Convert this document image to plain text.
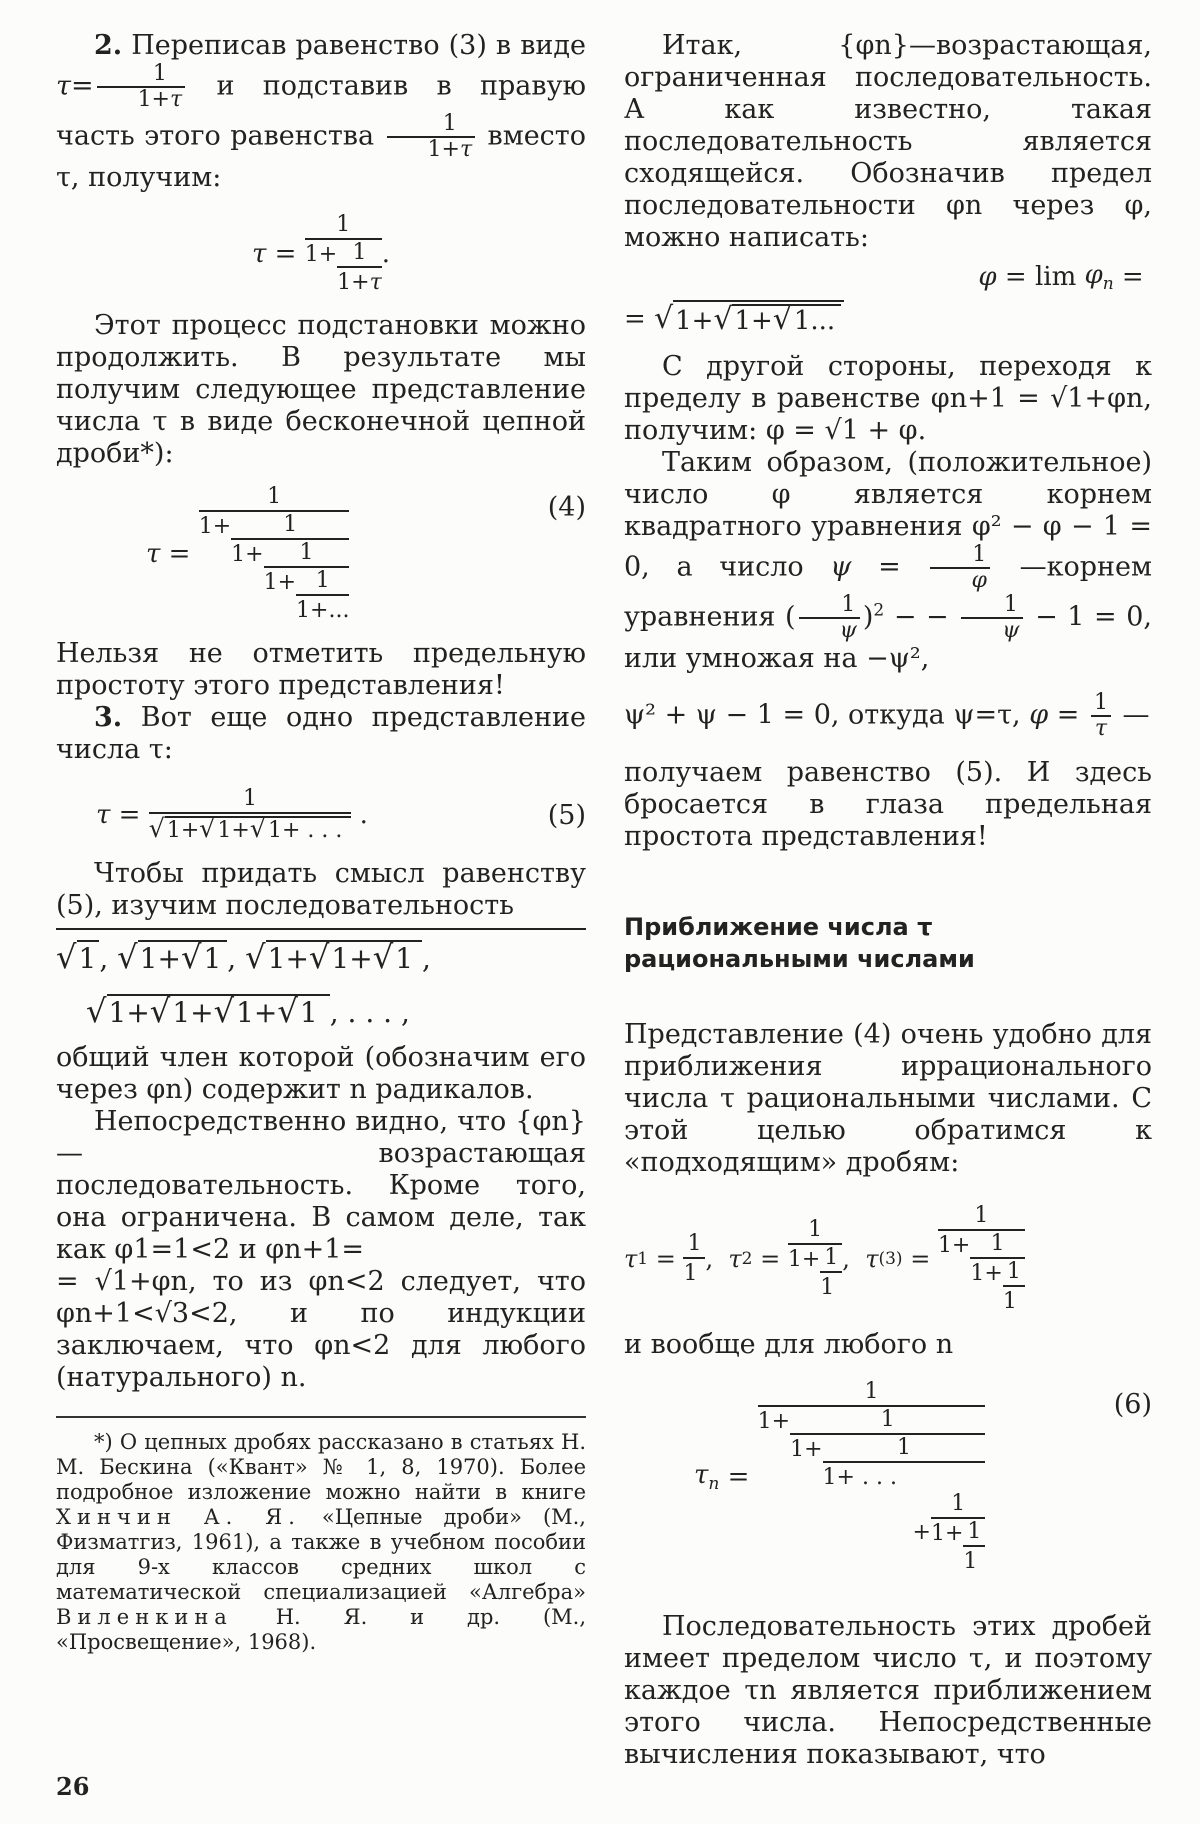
2. Переписав равенство (3) в виде $\tau= \frac{1}{1+\tau}$ и подставив в правую часть этого равенства $\frac{1}{1+\tau}$ вместо τ, получим:

$\tau = \frac{1}{1+ \frac{1}{1+\tau}}$ .

Этот процесс подстановки можно продолжить. В результате мы получим следующее представление числа τ в виде бесконечной цепной дроби*):

τ =
1
$1+ \frac{1}{1+ \frac{1}{1+ \frac{1}{1+...}}}$
(4)

Нельзя не отметить предельную простоту этого представления!

3. Вот еще одно представление числа τ:

$\tau = \frac{1}{√1+√1+√1+ . . .}$ .	(5)

Чтобы придать смысл равенству (5), изучим последовательность

√1 , √1+√1 , √1+√1+√1 ,
√1+√1+√1+√1 , . . . ,

общий член которой (обозначим его через φn) содержит n радикалов.

Непосредственно видно, что {φn}— возрастающая последовательность. Кроме того, она ограничена. В самом деле, так как φ1=1<2 и φn+1=

= √1+φn, то из φn<2 следует, что φn+1<√3<2, и по индукции заключаем, что φn<2 для любого (натурального) n.

*) О цепных дробях рассказано в статьях Н. М. Бескина («Квант» № 1, 8, 1970). Более подробное изложение можно найти в книге Хинчин А. Я. «Цепные дроби» (М., Физматгиз, 1961), а также в учебном пособии для 9-х классов средних школ с математической специализацией «Алгебра» Виленкина Н. Я. и др. (М., «Просвещение», 1968).

Итак, {φn}—возрастающая, ограниченная последовательность. А как известно, такая последовательность является сходящейся. Обозначив предел последовательности φn через φ, можно написать:

$\varphi = \lim \varphi_n$ =
= √ 1+√1+√1...

С другой стороны, переходя к пределу в равенстве φn+1 = √1+φn, получим: φ = √1 + φ.

Таким образом, (положительное) число φ является корнем квадратного уравнения φ² − φ − 1 = 0, а число $\psi = \frac{1}{\varphi}$ —корнем уравнения ( $\frac{1}{\psi} )^2$ − − $\frac{1}{\psi} - 1 = 0$, или умножая на −ψ²,

ψ² + ψ − 1 = 0, откуда ψ=τ, $\varphi = \frac{1}{\tau}$ —

получаем равенство (5). И здесь бросается в глаза предельная простота представления!

Приближение числа τ рациональными числами

Представление (4) очень удобно для приближения иррационального числа τ рациональными числами. С этой целью обратимся к «подходящим» дробям:

τ $1 = \frac{1}{1}$ , τ $2 = \frac{1}{1+ \frac{1}{1}}$ , τ $(3) = \frac{1}{1+ \frac{1}{1+ \frac{1}{1}}}$

и вообще для любого n

$\tau_n$ =
1
1+ 1
1+	1
1+ . . .
+ $\frac{1}{1+ \frac{1}{1}}$
(6)

Последовательность этих дробей имеет пределом число τ, и поэтому каждое τn является приближением этого числа. Непосредственные вычисления показывают, что

26
